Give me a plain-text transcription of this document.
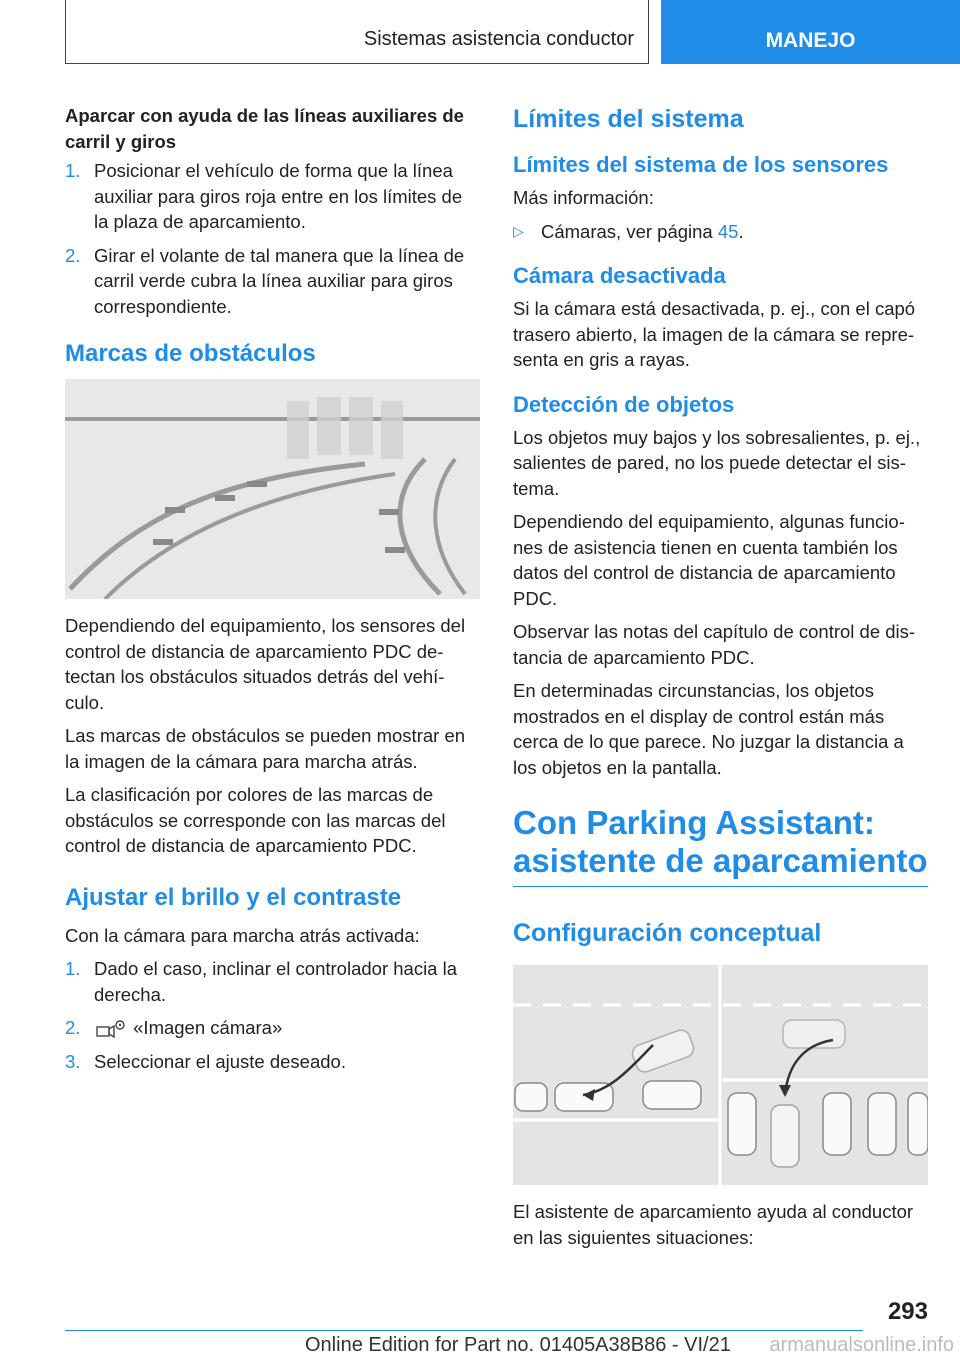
Sistemas asistencia conductor	MANEJO
Aparcar con ayuda de las líneas auxiliares de carril y giros
1. Posicionar el vehículo de forma que la línea auxiliar para giros roja entre en los límites de la plaza de aparcamiento.
2. Girar el volante de tal manera que la línea de carril verde cubra la línea auxiliar para giros correspondiente.
Marcas de obstáculos
Dependiendo del equipamiento, los sensores del control de distancia de aparcamiento PDC de-tectan los obstáculos situados detrás del vehí-culo.
Las marcas de obstáculos se pueden mostrar en la imagen de la cámara para marcha atrás.
La clasificación por colores de las marcas de obstáculos se corresponde con las marcas del control de distancia de aparcamiento PDC.
Ajustar el brillo y el contraste
Con la cámara para marcha atrás activada:
1. Dado el caso, inclinar el controlador hacia la derecha.
2.	«Imagen cámara»
3. Seleccionar el ajuste deseado.
Límites del sistema
Límites del sistema de los sensores
Más información:
▷ Cámaras, ver página 45.
Cámara desactivada
Si la cámara está desactivada, p. ej., con el capó trasero abierto, la imagen de la cámara se repre-senta en gris a rayas.
Detección de objetos
Los objetos muy bajos y los sobresalientes, p. ej., salientes de pared, no los puede detectar el sis-tema.
Dependiendo del equipamiento, algunas funcio-nes de asistencia tienen en cuenta también los datos del control de distancia de aparcamiento PDC.
Observar las notas del capítulo de control de dis-tancia de aparcamiento PDC.
En determinadas circunstancias, los objetos mostrados en el display de control están más cerca de lo que parece. No juzgar la distancia a los objetos en la pantalla.
Con Parking Assistant: asistente de aparcamiento
Configuración conceptual
El asistente de aparcamiento ayuda al conductor en las siguientes situaciones:
293
Online Edition for Part no. 01405A38B86 - VI/21 armanualsonline.info
